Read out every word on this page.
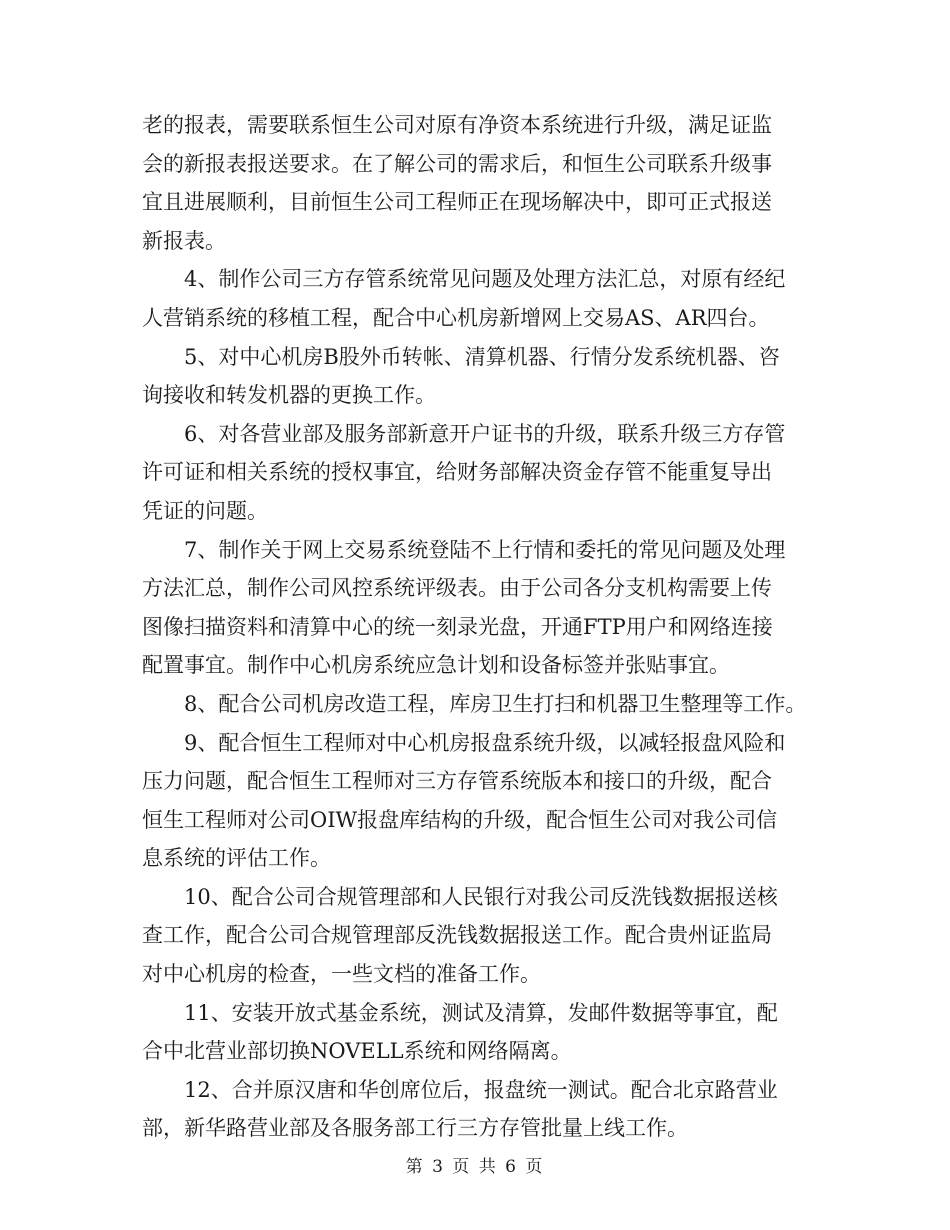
老的报表，需要联系恒生公司对原有净资本系统进行升级，满足证监
会的新报表报送要求。在了解公司的需求后，和恒生公司联系升级事
宜且进展顺利，目前恒生公司工程师正在现场解决中，即可正式报送
新报表。
4、制作公司三方存管系统常见问题及处理方法汇总，对原有经纪
人营销系统的移植工程，配合中心机房新增网上交易AS、AR四台。
5、对中心机房B股外币转帐、清算机器、行情分发系统机器、咨
询接收和转发机器的更换工作。
6、对各营业部及服务部新意开户证书的升级，联系升级三方存管
许可证和相关系统的授权事宜，给财务部解决资金存管不能重复导出
凭证的问题。
7、制作关于网上交易系统登陆不上行情和委托的常见问题及处理
方法汇总，制作公司风控系统评级表。由于公司各分支机构需要上传
图像扫描资料和清算中心的统一刻录光盘，开通FTP用户和网络连接
配置事宜。制作中心机房系统应急计划和设备标签并张贴事宜。
8、配合公司机房改造工程，库房卫生打扫和机器卫生整理等工作。
9、配合恒生工程师对中心机房报盘系统升级，以减轻报盘风险和
压力问题，配合恒生工程师对三方存管系统版本和接口的升级，配合
恒生工程师对公司OIW报盘库结构的升级，配合恒生公司对我公司信
息系统的评估工作。
10、配合公司合规管理部和人民银行对我公司反洗钱数据报送核
查工作，配合公司合规管理部反洗钱数据报送工作。配合贵州证监局
对中心机房的检查，一些文档的准备工作。
11、安装开放式基金系统，测试及清算，发邮件数据等事宜，配
合中北营业部切换NOVELL系统和网络隔离。
12、合并原汉唐和华创席位后，报盘统一测试。配合北京路营业
部，新华路营业部及各服务部工行三方存管批量上线工作。
第 3 页 共 6 页
